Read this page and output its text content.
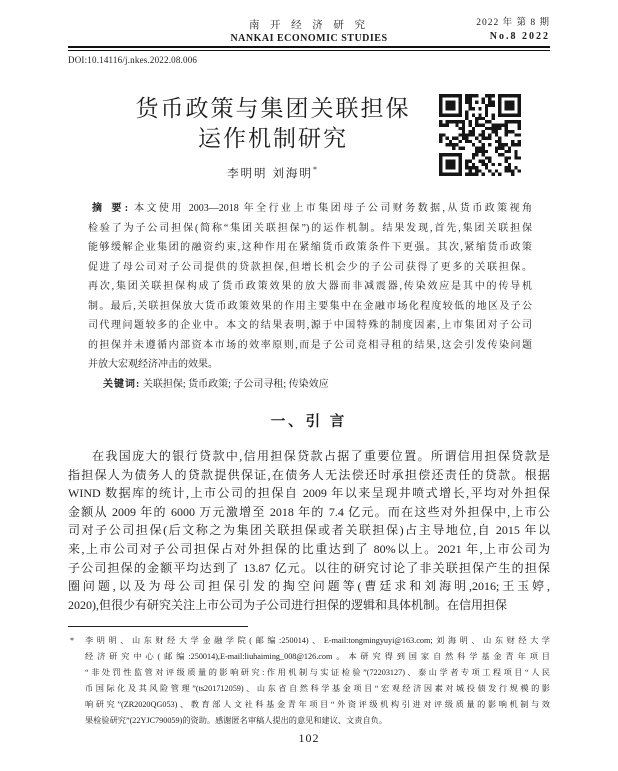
南 开 经 济 研 究	2022 年 第 8 期
NANKAI ECONOMIC STUDIES	No.8 2022
DOI:10.14116/j.nkes.2022.08.006
货币政策与集团关联担保
运作机制研究
李明明 刘海明*
摘 要: 本文使用 2003—2018 年全行业上市集团母子公司财务数据,从货币政策视角
检验了为子公司担保(简称“集团关联担保”)的运作机制。结果发现,首先,集团关联担保
能够缓解企业集团的融资约束,这种作用在紧缩货币政策条件下更强。其次,紧缩货币政策
促进了母公司对子公司提供的贷款担保,但增长机会少的子公司获得了更多的关联担保。
再次,集团关联担保构成了货币政策效果的放大器而非减震器,传染效应是其中的传导机
制。最后,关联担保放大货币政策效果的作用主要集中在金融市场化程度较低的地区及子公
司代理问题较多的企业中。本文的结果表明,源于中国特殊的制度因素,上市集团对子公司
的担保并未遵循内部资本市场的效率原则,而是子公司竞相寻租的结果,这会引发传染问题
并放大宏观经济冲击的效果。
关键词: 关联担保; 货币政策; 子公司寻租; 传染效应
一、引 言
在我国庞大的银行贷款中,信用担保贷款占据了重要位置。所谓信用担保贷款是
指担保人为债务人的贷款提供保证,在债务人无法偿还时承担偿还责任的贷款。根据
WIND 数据库的统计,上市公司的担保自 2009 年以来呈现井喷式增长,平均对外担保
金额从 2009 年的 6000 万元激增至 2018 年的 7.4 亿元。而在这些对外担保中,上市公
司对子公司担保(后文称之为集团关联担保或者关联担保)占主导地位,自 2015 年以
来,上市公司对子公司担保占对外担保的比重达到了 80%以上。2021 年,上市公司为
子公司担保的金额平均达到了 13.87 亿元。以往的研究讨论了非关联担保产生的担保
圈问题,以及为母公司担保引发的掏空问题等(曹廷求和刘海明,2016;王玉婷,
2020),但很少有研究关注上市公司为子公司进行担保的逻辑和具体机制。在信用担保
* 李明明、山东财经大学金融学院(邮编:250014)、E-mail:tongmingyuyi@163.com;刘海明、山东财经大学
经济研究中心(邮编:250014),E-mail:liuhaiming_008@126.com。本研究得到国家自然科学基金青年项目
“非处罚性监管对评级质量的影响研究:作用机制与实证检验”(72203127)、泰山学者专项工程项目“人民
币国际化及其风险管理”(ts201712059)、山东省自然科学基金项目“宏观经济因素对城投债发行规模的影
响研究”(ZR2020QG053)、教育部人文社科基金青年项目“外资评级机构引进对评级质量的影响机制与效
果检验研究”(22YJC790059)的资助。感谢匿名审稿人提出的意见和建议、文责自负。
102
